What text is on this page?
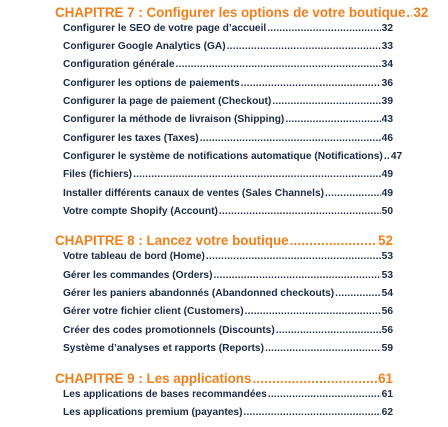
CHAPITRE 7 : Configurer les options de votre boutique ..... 32
Configurer le SEO de votre page d’accueil .....	32
Configurer Google Analytics (GA) .....	33
Configuration générale .....	34
Configurer les options de paiements .....	36
Configurer la page de paiement (Checkout) .....	39
Configurer la méthode de livraison (Shipping) .....	43
Configurer les taxes (Taxes) .....	46
Configurer le système de notifications automatique (Notifications) ..... 47
Files (fichiers) .....	49
Installer différents canaux de ventes (Sales Channels) .....	49
Votre compte Shopify (Account) .....	50
CHAPITRE 8 : Lancez votre boutique .....	52
Votre tableau de bord (Home) .....	53
Gérer les commandes (Orders) .....	53
Gérer les paniers abandonnés (Abandonned checkouts) .....	54
Gérer votre fichier client (Customers) .....	56
Créer des codes promotionnels (Discounts) .....	56
Système d’analyses et rapports (Reports) .....	59
CHAPITRE 9 : Les applications .....	61
Les applications de bases recommandées .....	61
Les applications premium (payantes) .....	62
